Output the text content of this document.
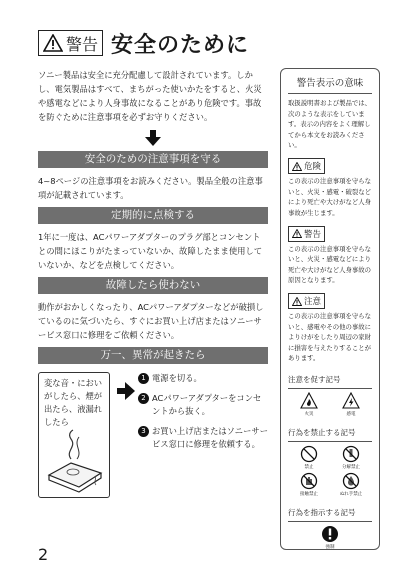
警告 安全のために

ソニー製品は安全に充分配慮して設計されています。しかし、電気製品はすべて、まちがった使いかたをすると、火災や感電などにより人身事故になることがあり危険です。事故を防ぐために注意事項を必ずお守りください。

安全のための注意事項を守る

4~8ページの注意事項をお読みください。製品全般の注意事項が記載されています。

定期的に点検する

1年に一度は、ACパワーアダプターのプラグ部とコンセントとの間にほこりがたまっていないか、故障したまま使用していないか、などを点検してください。

故障したら使わない

動作がおかしくなったり、ACパワーアダプターなどが破損しているのに気づいたら、すぐにお買い上げ店またはソニーサービス窓口に修理をご依頼ください。

万一、異常が起きたら
変な音・においがしたら、煙が出たら、液漏れしたら
1 電源を切る。
2 ACパワーアダプターをコンセントから抜く。
3 お買い上げ店またはソニーサービス窓口に修理を依頼する。
2
警告表示の意味

取扱説明書および製品では、次のような表示をしています。表示の内容をよく理解してから本文をお読みください。

危険

この表示の注意事項を守らないと、火災・感電・破裂などにより死亡や大けがなど人身事故が生じます。

警告

この表示の注意事項を守らないと、火災・感電などにより死亡や大けがなど人身事故の原因となります。

注意

この表示の注意事項を守らないと、感電やその他の事故によりけがをしたり周辺の家財に損害を与えたりすることがあります。

注意を促す記号
火災	感電
行為を禁止する記号
禁止	分解禁止
接触禁止	ぬれ手禁止
行為を指示する記号
強制
